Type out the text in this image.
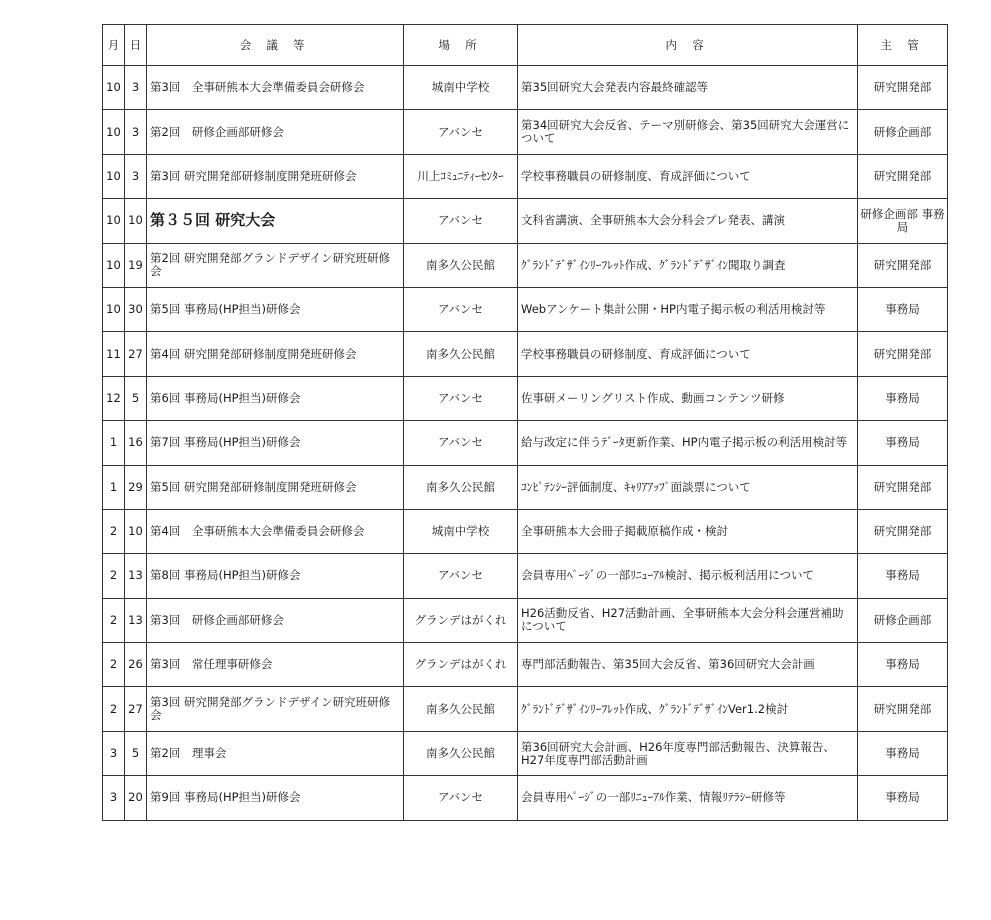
月	日	会 議 等	場 所	内 容	主 管
10	3	第3回　全事研熊本大会準備委員会研修会	城南中学校	第35回研究大会発表内容最終確認等	研究開発部
10	3	第2回　研修企画部研修会	アバンセ	第34回研究大会反省、テーマ別研修会、第35回研究大会運営について	研修企画部
10	3	第3回 研究開発部研修制度開発班研修会	川上ｺﾐｭﾆﾃｨｰｾﾝﾀｰ	学校事務職員の研修制度、育成評価について	研究開発部
10	10	第３５回 研究大会	アバンセ	文科省講演、全事研熊本大会分科会プレ発表、講演	研修企画部 事務局
10	19	第2回 研究開発部グランドデザイン研究班研修会	南多久公民館	ｸﾞﾗﾝﾄﾞﾃﾞｻﾞｲﾝﾘｰﾌﾚｯﾄ作成、ｸﾞﾗﾝﾄﾞﾃﾞｻﾞｲﾝ聞取り調査	研究開発部
10	30	第5回 事務局(HP担当)研修会	アバンセ	Webアンケート集計公開・HP内電子掲示板の利活用検討等	事務局
11	27	第4回 研究開発部研修制度開発班研修会	南多久公民館	学校事務職員の研修制度、育成評価について	研究開発部
12	5	第6回 事務局(HP担当)研修会	アバンセ	佐事研メーリングリスト作成、動画コンテンツ研修	事務局
1	16	第7回 事務局(HP担当)研修会	アバンセ	給与改定に伴うﾃﾞｰﾀ更新作業、HP内電子掲示板の利活用検討等	事務局
1	29	第5回 研究開発部研修制度開発班研修会	南多久公民館	ｺﾝﾋﾟﾃﾝｼｰ評価制度、ｷｬﾘｱｱｯﾌﾟ面談票について	研究開発部
2	10	第4回　全事研熊本大会準備委員会研修会	城南中学校	全事研熊本大会冊子掲載原稿作成・検討	研究開発部
2	13	第8回 事務局(HP担当)研修会	アバンセ	会員専用ﾍﾟｰｼﾞの一部ﾘﾆｭｰｱﾙ検討、掲示板利活用について	事務局
2	13	第3回　研修企画部研修会	グランデはがくれ	H26活動反省、H27活動計画、全事研熊本大会分科会運営補助について	研修企画部
2	26	第3回　常任理事研修会	グランデはがくれ	専門部活動報告、第35回大会反省、第36回研究大会計画	事務局
2	27	第3回 研究開発部グランドデザイン研究班研修会	南多久公民館	ｸﾞﾗﾝﾄﾞﾃﾞｻﾞｲﾝﾘｰﾌﾚｯﾄ作成、ｸﾞﾗﾝﾄﾞﾃﾞｻﾞｲﾝVer1.2検討	研究開発部
3	5	第2回　理事会	南多久公民館	第36回研究大会計画、H26年度専門部活動報告、決算報告、H27年度専門部活動計画	事務局
3	20	第9回 事務局(HP担当)研修会	アバンセ	会員専用ﾍﾟｰｼﾞの一部ﾘﾆｭｰｱﾙ作業、情報ﾘﾃﾗｼｰ研修等	事務局
